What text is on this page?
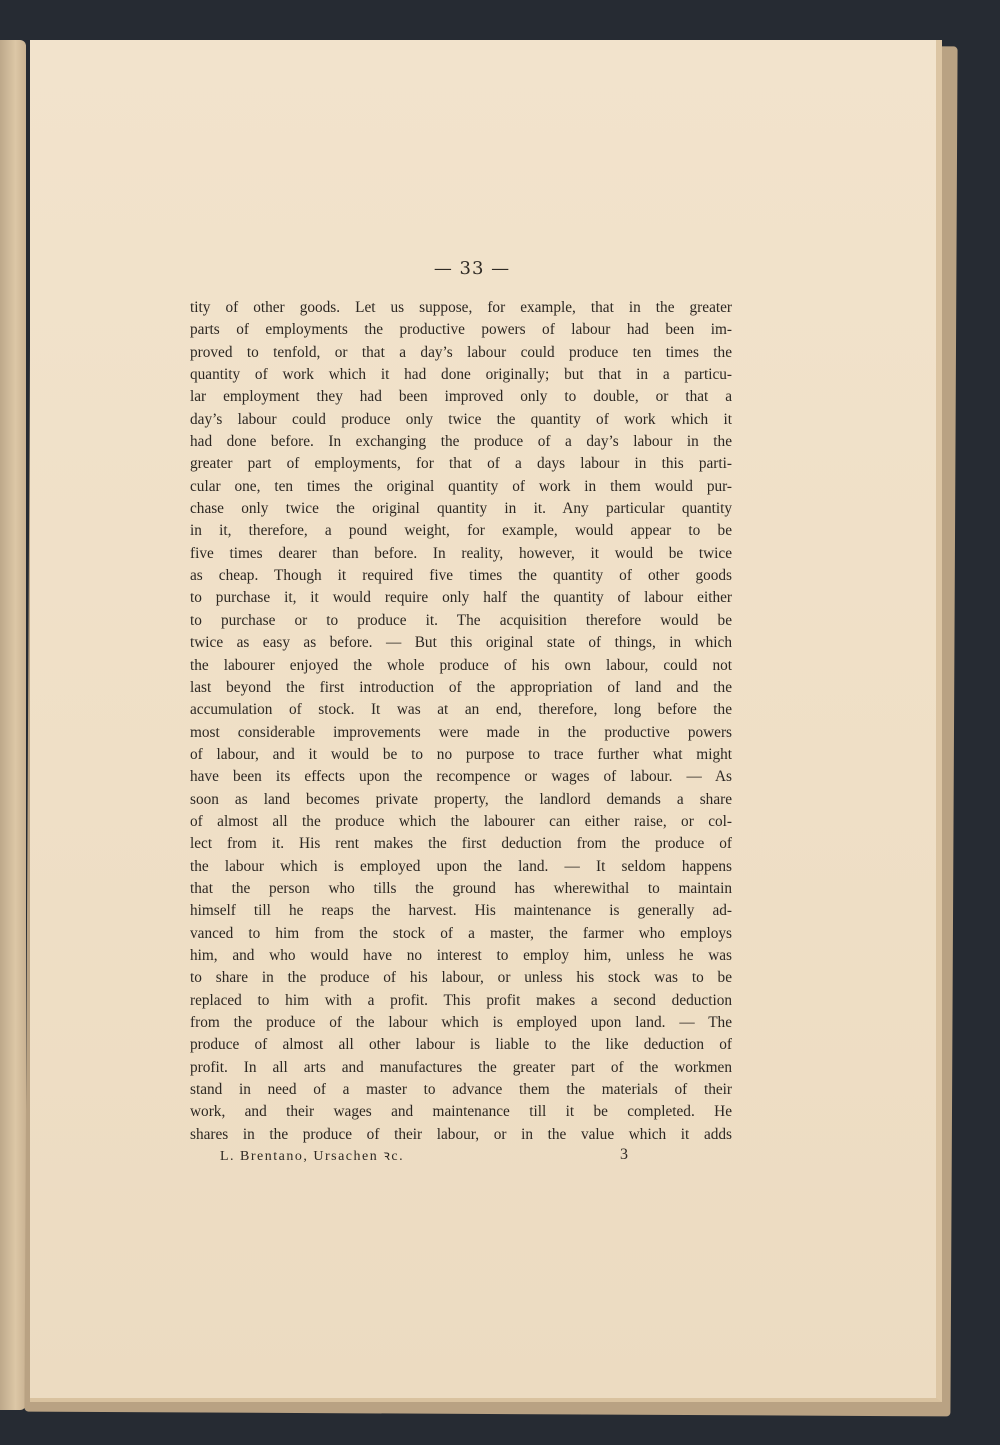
— 33 —
tity of other goods. Let us suppose, for example, that in the greater
parts of employments the productive powers of labour had been im-
proved to tenfold, or that a day’s labour could produce ten times the
quantity of work which it had done originally; but that in a particu-
lar employment they had been improved only to double, or that a
day’s labour could produce only twice the quantity of work which it
had done before. In exchanging the produce of a day’s labour in the
greater part of employments, for that of a days labour in this parti-
cular one, ten times the original quantity of work in them would pur-
chase only twice the original quantity in it. Any particular quantity
in it, therefore, a pound weight, for example, would appear to be
five times dearer than before. In reality, however, it would be twice
as cheap. Though it required five times the quantity of other goods
to purchase it, it would require only half the quantity of labour either
to purchase or to produce it. The acquisition therefore would be
twice as easy as before. — But this original state of things, in which
the labourer enjoyed the whole produce of his own labour, could not
last beyond the first introduction of the appropriation of land and the
accumulation of stock. It was at an end, therefore, long before the
most considerable improvements were made in the productive powers
of labour, and it would be to no purpose to trace further what might
have been its effects upon the recompence or wages of labour. — As
soon as land becomes private property, the landlord demands a share
of almost all the produce which the labourer can either raise, or col-
lect from it. His rent makes the first deduction from the produce of
the labour which is employed upon the land. — It seldom happens
that the person who tills the ground has wherewithal to maintain
himself till he reaps the harvest. His maintenance is generally ad-
vanced to him from the stock of a master, the farmer who employs
him, and who would have no interest to employ him, unless he was
to share in the produce of his labour, or unless his stock was to be
replaced to him with a profit. This profit makes a second deduction
from the produce of the labour which is employed upon land. — The
produce of almost all other labour is liable to the like deduction of
profit. In all arts and manufactures the greater part of the workmen
stand in need of a master to advance them the materials of their
work, and their wages and maintenance till it be completed. He
shares in the produce of their labour, or in the value which it adds
L. Brentano, Ursachen ꝛc.	3
